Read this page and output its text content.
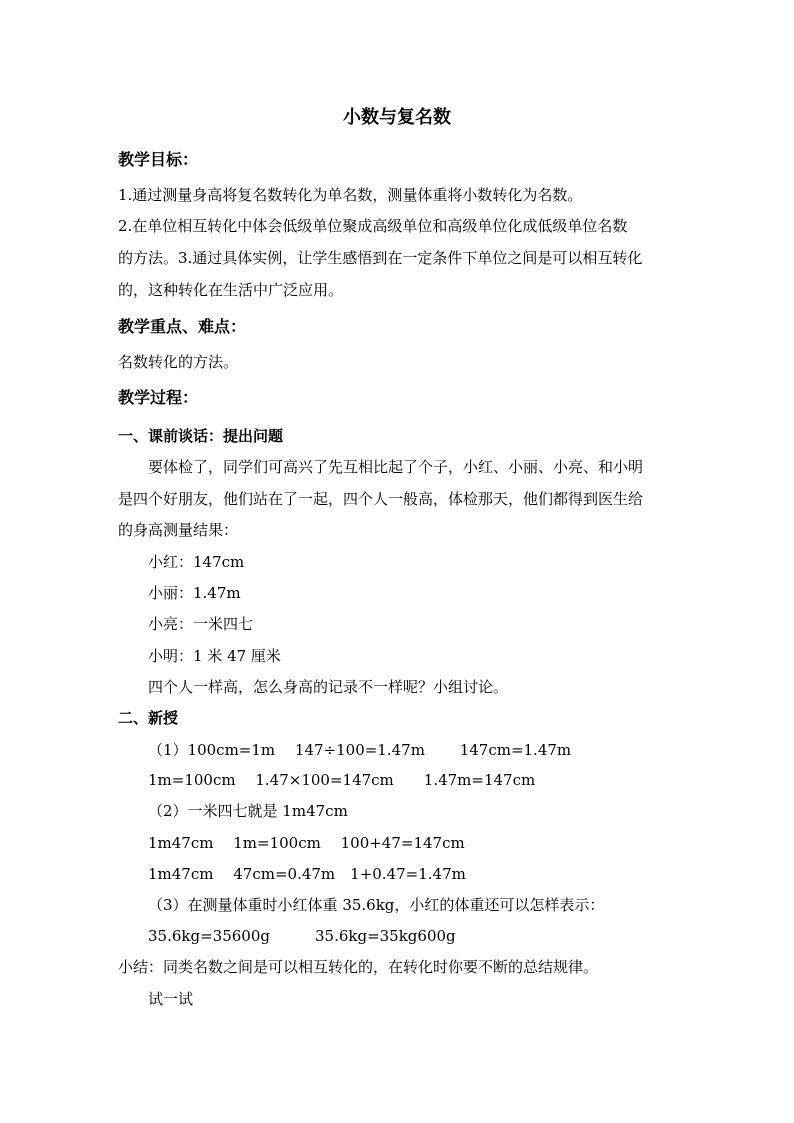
小数与复名数
教学目标：
1.通过测量身高将复名数转化为单名数，测量体重将小数转化为名数。
2.在单位相互转化中体会低级单位聚成高级单位和高级单位化成低级单位名数
的方法。3.通过具体实例，让学生感悟到在一定条件下单位之间是可以相互转化
的，这种转化在生活中广泛应用。
教学重点、难点：
名数转化的方法。
教学过程：
一、课前谈话：提出问题
要体检了，同学们可高兴了先互相比起了个子，小红、小丽、小亮、和小明
是四个好朋友，他们站在了一起，四个人一般高，体检那天，他们都得到医生给
的身高测量结果：
小红：147cm
小丽：1.47m
小亮：一米四七
小明：1 米 47 厘米
四个人一样高，怎么身高的记录不一样呢？小组讨论。
二、新授
（1）100cm=1m　 147÷100=1.47m　　 147cm=1.47m
1m=100cm　 1.47×100=147cm　　1.47m=147cm
（2）一米四七就是 1m47cm
1m47cm　 1m=100cm　 100+47=147cm
1m47cm　 47cm=0.47m　1+0.47=1.47m
（3）在测量体重时小红体重 35.6kg，小红的体重还可以怎样表示：
35.6kg=35600g　　　35.6kg=35kg600g
小结：同类名数之间是可以相互转化的，在转化时你要不断的总结规律。
试一试
